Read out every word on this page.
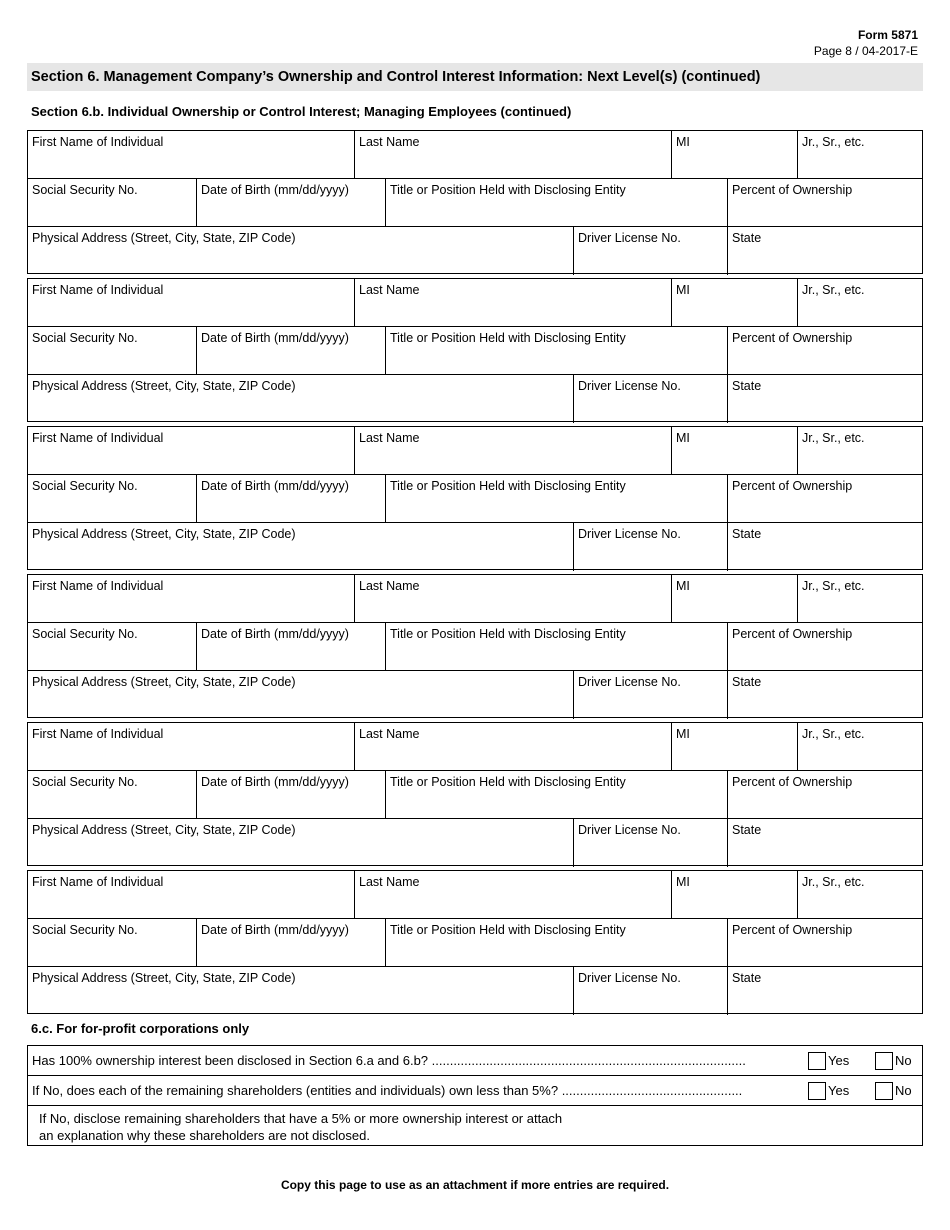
Form 5871
Page 8 / 04-2017-E
Section 6. Management Company’s Ownership and Control Interest Information: Next Level(s) (continued)
Section 6.b. Individual Ownership or Control Interest; Managing Employees (continued)
First Name of Individual	Last Name	MI	Jr., Sr., etc.
Social Security No.	Date of Birth (mm/dd/yyyy)	Title or Position Held with Disclosing Entity	Percent of Ownership
Physical Address (Street, City, State, ZIP Code)	Driver License No.	State
First Name of Individual	Last Name	MI	Jr., Sr., etc.
Social Security No.	Date of Birth (mm/dd/yyyy)	Title or Position Held with Disclosing Entity	Percent of Ownership
Physical Address (Street, City, State, ZIP Code)	Driver License No.	State
First Name of Individual	Last Name	MI	Jr., Sr., etc.
Social Security No.	Date of Birth (mm/dd/yyyy)	Title or Position Held with Disclosing Entity	Percent of Ownership
Physical Address (Street, City, State, ZIP Code)	Driver License No.	State
First Name of Individual	Last Name	MI	Jr., Sr., etc.
Social Security No.	Date of Birth (mm/dd/yyyy)	Title or Position Held with Disclosing Entity	Percent of Ownership
Physical Address (Street, City, State, ZIP Code)	Driver License No.	State
First Name of Individual	Last Name	MI	Jr., Sr., etc.
Social Security No.	Date of Birth (mm/dd/yyyy)	Title or Position Held with Disclosing Entity	Percent of Ownership
Physical Address (Street, City, State, ZIP Code)	Driver License No.	State
First Name of Individual	Last Name	MI	Jr., Sr., etc.
Social Security No.	Date of Birth (mm/dd/yyyy)	Title or Position Held with Disclosing Entity	Percent of Ownership
Physical Address (Street, City, State, ZIP Code)	Driver License No.	State
6.c. For for-profit corporations only
Has 100% ownership interest been disclosed in Section 6.a and 6.b? .......................................................................................	Yes	No
If No, does each of the remaining shareholders (entities and individuals) own less than 5%? ..................................................	Yes	No
If No, disclose remaining shareholders that have a 5% or more ownership interest or attach
an explanation why these shareholders are not disclosed.
Copy this page to use as an attachment if more entries are required.
